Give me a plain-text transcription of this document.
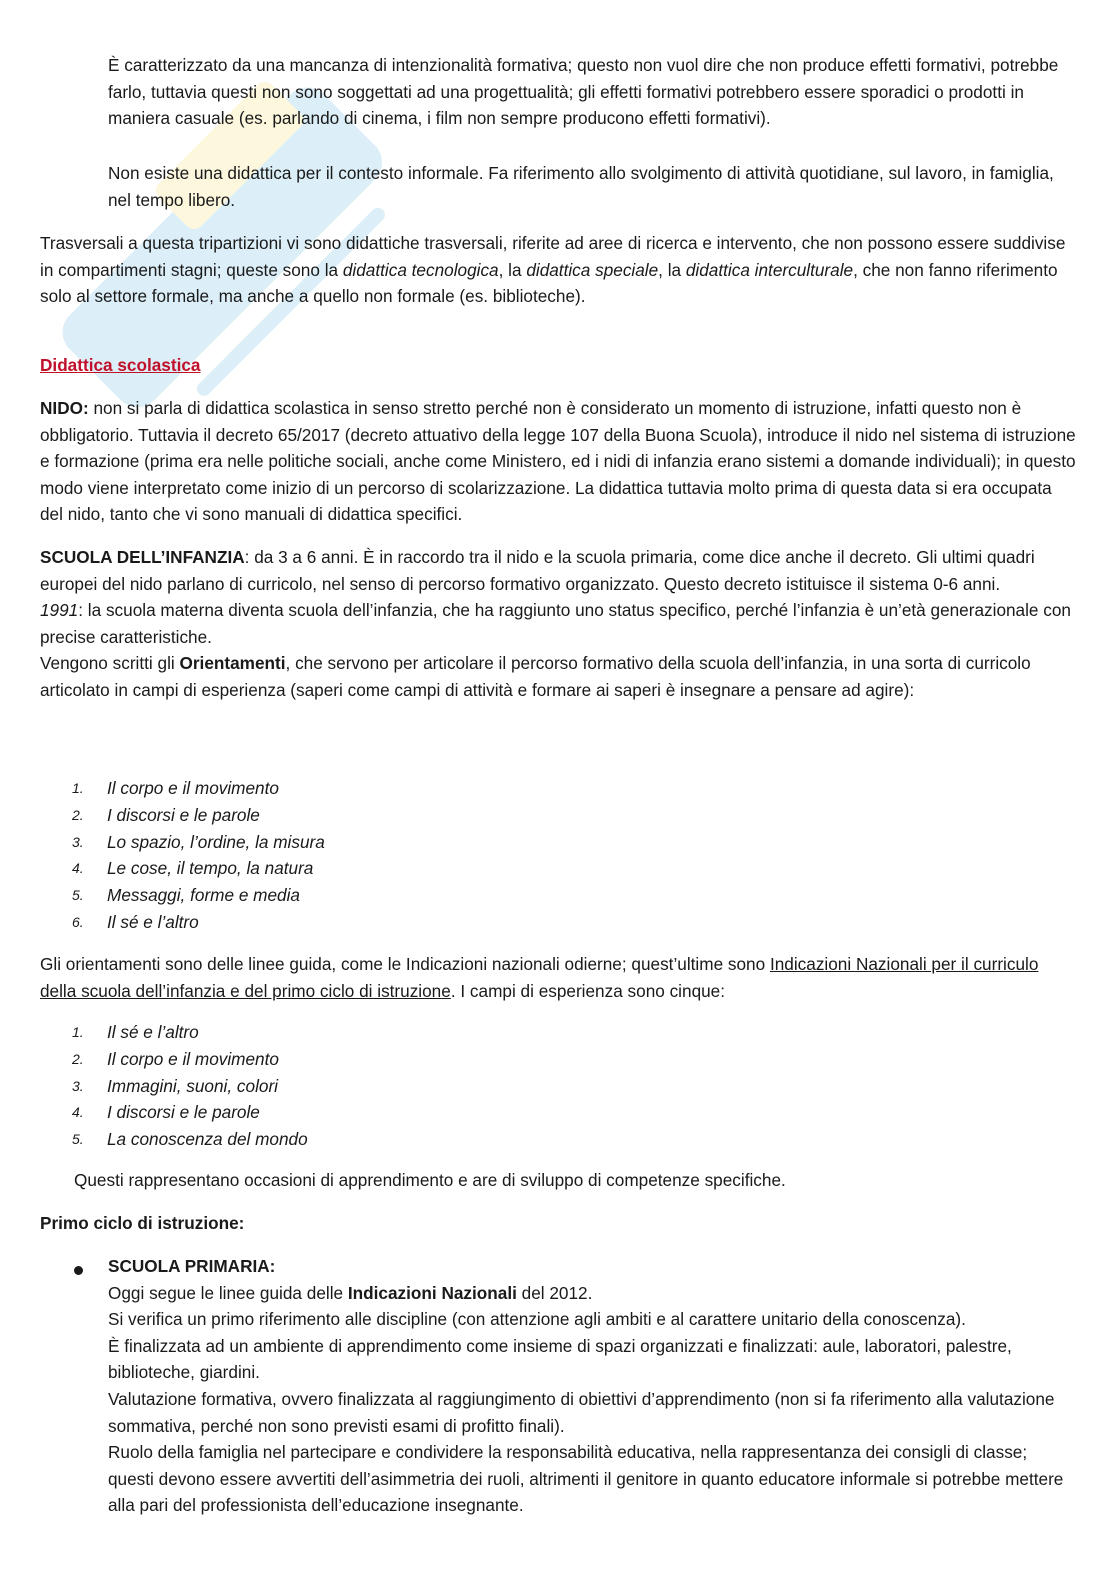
È caratterizzato da una mancanza di intenzionalità formativa; questo non vuol dire che non produce effetti formativi, potrebbe farlo, tuttavia questi non sono soggettati ad una progettualità; gli effetti formativi potrebbero essere sporadici o prodotti in maniera casuale (es. parlando di cinema, i film non sempre producono effetti formativi).

Non esiste una didattica per il contesto informale. Fa riferimento allo svolgimento di attività quotidiane, sul lavoro, in famiglia, nel tempo libero.

Trasversali a questa tripartizioni vi sono didattiche trasversali, riferite ad aree di ricerca e intervento, che non possono essere suddivise in compartimenti stagni; queste sono la didattica tecnologica, la didattica speciale, la didattica interculturale, che non fanno riferimento solo al settore formale, ma anche a quello non formale (es. biblioteche).

Didattica scolastica

NIDO: non si parla di didattica scolastica in senso stretto perché non è considerato un momento di istruzione, infatti questo non è obbligatorio. Tuttavia il decreto 65/2017 (decreto attuativo della legge 107 della Buona Scuola), introduce il nido nel sistema di istruzione e formazione (prima era nelle politiche sociali, anche come Ministero, ed i nidi di infanzia erano sistemi a domande individuali); in questo modo viene interpretato come inizio di un percorso di scolarizzazione. La didattica tuttavia molto prima di questa data si era occupata del nido, tanto che vi sono manuali di didattica specifici.

SCUOLA DELL’INFANZIA: da 3 a 6 anni. È in raccordo tra il nido e la scuola primaria, come dice anche il decreto. Gli ultimi quadri europei del nido parlano di curricolo, nel senso di percorso formativo organizzato. Questo decreto istituisce il sistema 0-6 anni.
1991: la scuola materna diventa scuola dell’infanzia, che ha raggiunto uno status specifico, perché l’infanzia è un’età generazionale con precise caratteristiche.
Vengono scritti gli Orientamenti, che servono per articolare il percorso formativo della scuola dell’infanzia, in una sorta di curricolo articolato in campi di esperienza (saperi come campi di attività e formare ai saperi è insegnare a pensare ad agire):

1.	Il corpo e il movimento
2.	I discorsi e le parole
3.	Lo spazio, l’ordine, la misura
4.	Le cose, il tempo, la natura
5.	Messaggi, forme e media
6.	Il sé e l’altro

Gli orientamenti sono delle linee guida, come le Indicazioni nazionali odierne; quest’ultime sono Indicazioni Nazionali per il curriculo della scuola dell’infanzia e del primo ciclo di istruzione. I campi di esperienza sono cinque:

1.	Il sé e l’altro
2.	Il corpo e il movimento
3.	Immagini, suoni, colori
4.	I discorsi e le parole
5.	La conoscenza del mondo

Questi rappresentano occasioni di apprendimento e are di sviluppo di competenze specifiche.

Primo ciclo di istruzione:

SCUOLA PRIMARIA:
Oggi segue le linee guida delle Indicazioni Nazionali del 2012.
Si verifica un primo riferimento alle discipline (con attenzione agli ambiti e al carattere unitario della conoscenza).
È finalizzata ad un ambiente di apprendimento come insieme di spazi organizzati e finalizzati: aule, laboratori, palestre, biblioteche, giardini.
Valutazione formativa, ovvero finalizzata al raggiungimento di obiettivi d’apprendimento (non si fa riferimento alla valutazione sommativa, perché non sono previsti esami di profitto finali).
Ruolo della famiglia nel partecipare e condividere la responsabilità educativa, nella rappresentanza dei consigli di classe; questi devono essere avvertiti dell’asimmetria dei ruoli, altrimenti il genitore in quanto educatore informale si potrebbe mettere alla pari del professionista dell’educazione insegnante.
